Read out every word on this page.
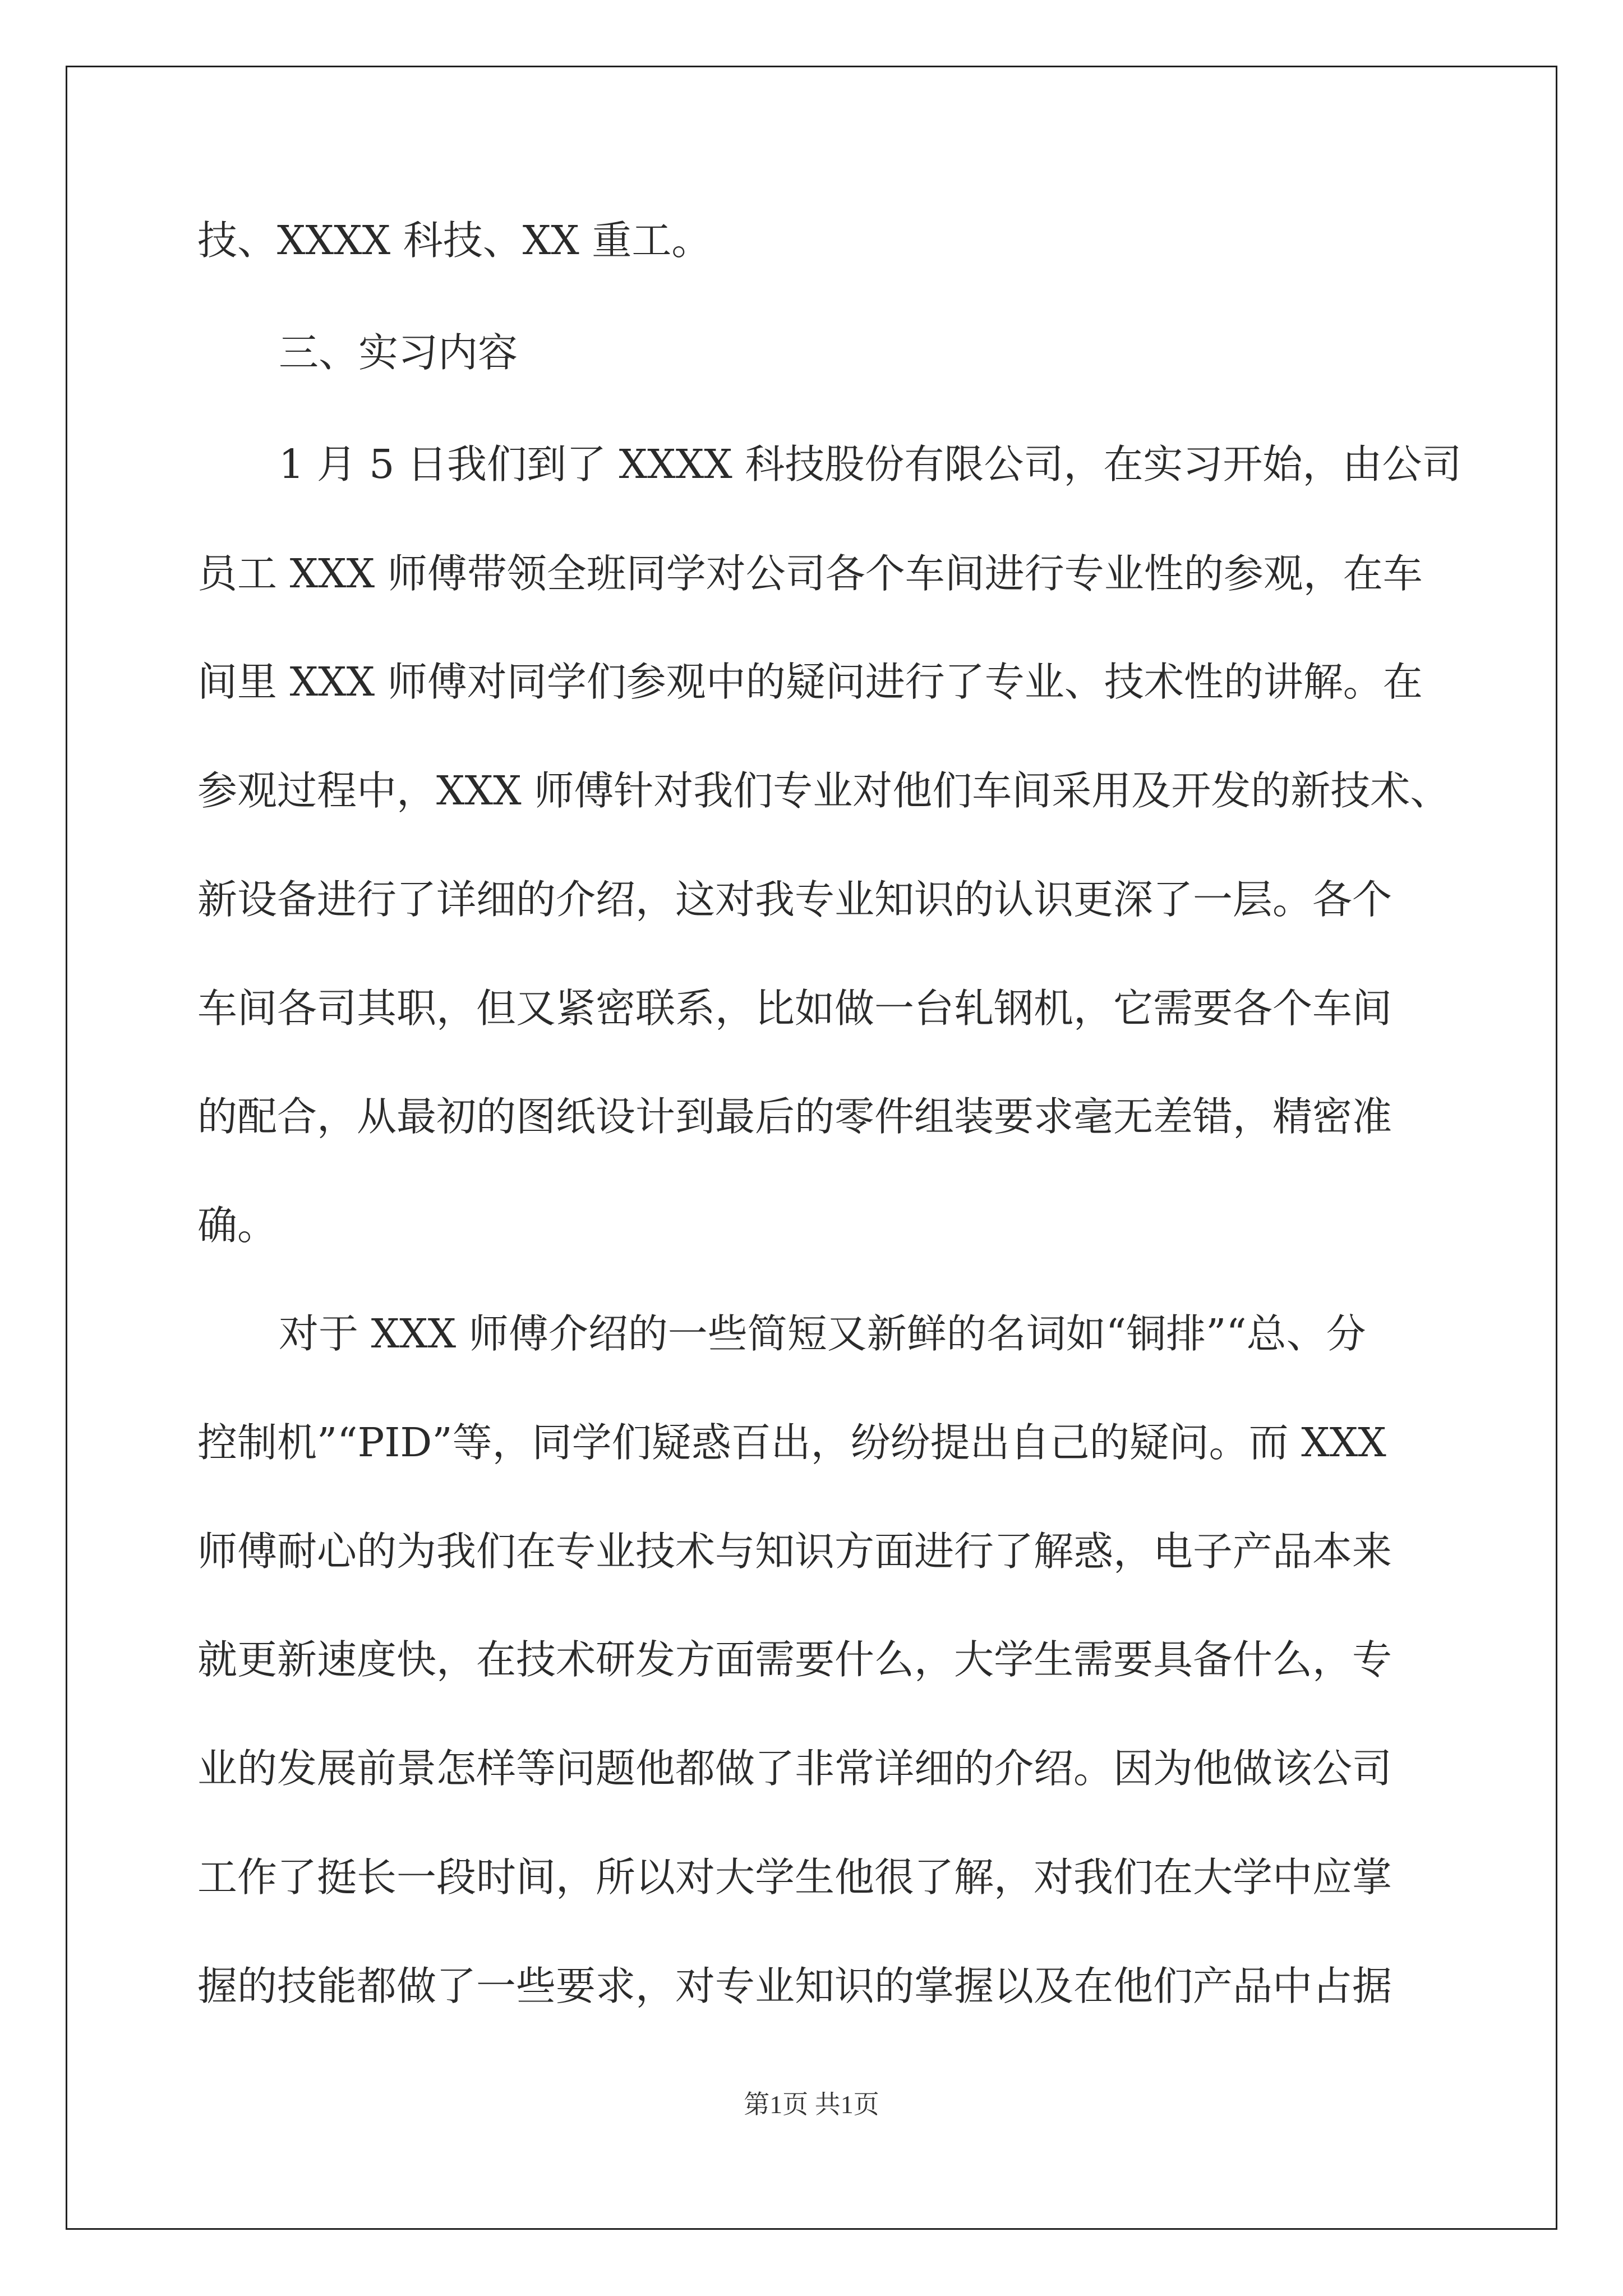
技、XXXX 科技、XX 重工。
三、实习内容
1 月 5 日我们到了 XXXX 科技股份有限公司，在实习开始，由公司
员工 XXX 师傅带领全班同学对公司各个车间进行专业性的参观，在车
间里 XXX 师傅对同学们参观中的疑问进行了专业、技术性的讲解。在
参观过程中，XXX 师傅针对我们专业对他们车间采用及开发的新技术、
新设备进行了详细的介绍，这对我专业知识的认识更深了一层。各个
车间各司其职，但又紧密联系，比如做一台轧钢机，它需要各个车间
的配合，从最初的图纸设计到最后的零件组装要求毫无差错，精密准
确。
对于 XXX 师傅介绍的一些简短又新鲜的名词如“铜排”“总、分
控制机”“PID”等，同学们疑惑百出，纷纷提出自己的疑问。而 XXX
师傅耐心的为我们在专业技术与知识方面进行了解惑，电子产品本来
就更新速度快，在技术研发方面需要什么，大学生需要具备什么，专
业的发展前景怎样等问题他都做了非常详细的介绍。因为他做该公司
工作了挺长一段时间，所以对大学生他很了解，对我们在大学中应掌
握的技能都做了一些要求，对专业知识的掌握以及在他们产品中占据
第1页 共1页
